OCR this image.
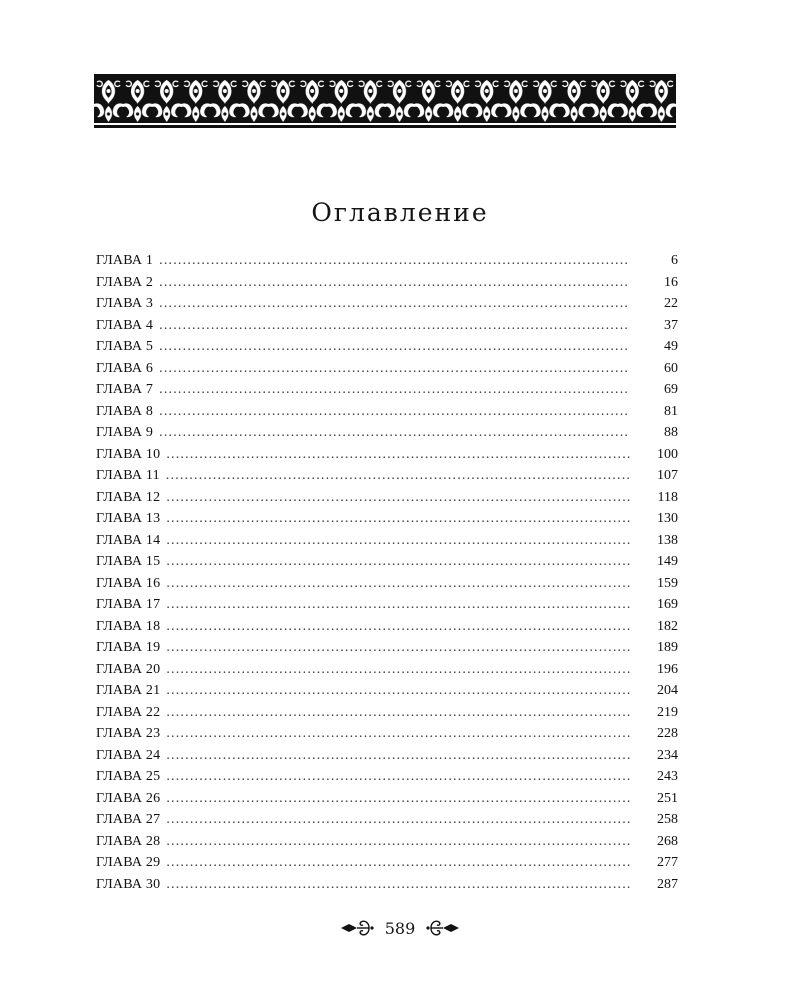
Оглавление
ГЛАВА 1 .....	6
ГЛАВА 2 .....	16
ГЛАВА 3 .....	22
ГЛАВА 4 .....	37
ГЛАВА 5 .....	49
ГЛАВА 6 .....	60
ГЛАВА 7 .....	69
ГЛАВА 8 .....	81
ГЛАВА 9 .....	88
ГЛАВА 10 .....	100
ГЛАВА 11 .....	107
ГЛАВА 12 .....	118
ГЛАВА 13 .....	130
ГЛАВА 14 .....	138
ГЛАВА 15 .....	149
ГЛАВА 16 .....	159
ГЛАВА 17 .....	169
ГЛАВА 18 .....	182
ГЛАВА 19 .....	189
ГЛАВА 20 .....	196
ГЛАВА 21 .....	204
ГЛАВА 22 .....	219
ГЛАВА 23 .....	228
ГЛАВА 24 .....	234
ГЛАВА 25 .....	243
ГЛАВА 26 .....	251
ГЛАВА 27 .....	258
ГЛАВА 28 .....	268
ГЛАВА 29 .....	277
ГЛАВА 30 .....	287
589
